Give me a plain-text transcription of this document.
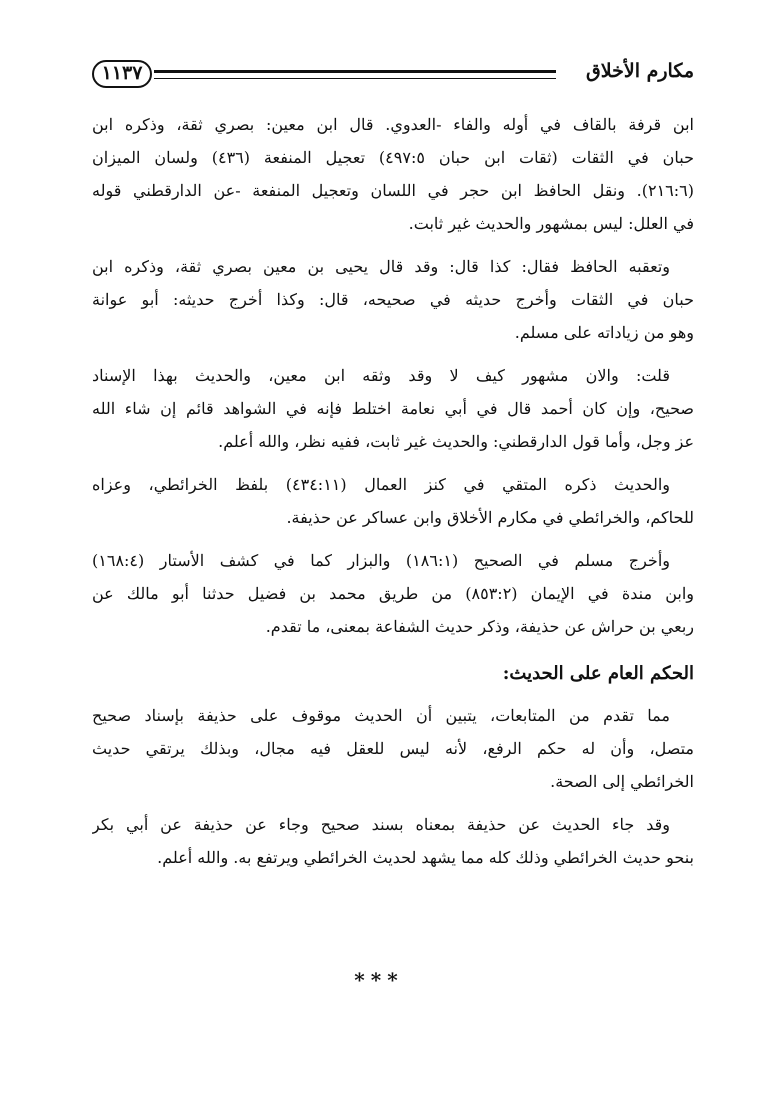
مكارم الأخلاق
١١٣٧
ابن قرفة بالقاف في أوله والفاء -العدوي. قال ابن معين: بصري ثقة، وذكره ابن
حبان في الثقات (ثقات ابن حبان ٤٩٧:٥) تعجيل المنفعة (٤٣٦) ولسان الميزان
(٢١٦:٦). ونقل الحافظ ابن حجر في اللسان وتعجيل المنفعة -عن الدارقطني قوله
في العلل: ليس بمشهور والحديث غير ثابت.
وتعقبه الحافظ فقال: كذا قال: وقد قال يحيى بن معين بصري ثقة، وذكره ابن
حبان في الثقات وأخرج حديثه في صحيحه، قال: وكذا أخرج حديثه: أبو عوانة
وهو من زياداته على مسلم.
قلت: والان مشهور كيف لا وقد وثقه ابن معين، والحديث بهذا الإسناد
صحيح، وإن كان أحمد قال في أبي نعامة اختلط فإنه في الشواهد قائم إن شاء الله
عز وجل، وأما قول الدارقطني: والحديث غير ثابت، ففيه نظر، والله أعلم.
والحديث ذكره المتقي في كنز العمال (٤٣٤:١١) بلفظ الخرائطي، وعزاه
للحاكم، والخرائطي في مكارم الأخلاق وابن عساكر عن حذيفة.
وأخرج مسلم في الصحيح (١٨٦:١) والبزار كما في كشف الأستار (١٦٨:٤)
وابن مندة في الإيمان (٨٥٣:٢) من طريق محمد بن فضيل حدثنا أبو مالك عن
ربعي بن حراش عن حذيفة، وذكر حديث الشفاعة بمعنى، ما تقدم.
الحكم العام على الحديث:
مما تقدم من المتابعات، يتبين أن الحديث موقوف على حذيفة بإسناد صحيح
متصل، وأن له حكم الرفع، لأنه ليس للعقل فيه مجال، وبذلك يرتقي حديث
الخرائطي إلى الصحة.
وقد جاء الحديث عن حذيفة بمعناه بسند صحيح وجاء عن حذيفة عن أبي بكر
بنحو حديث الخرائطي وذلك كله مما يشهد لحديث الخرائطي ويرتفع به. والله أعلم.
***
